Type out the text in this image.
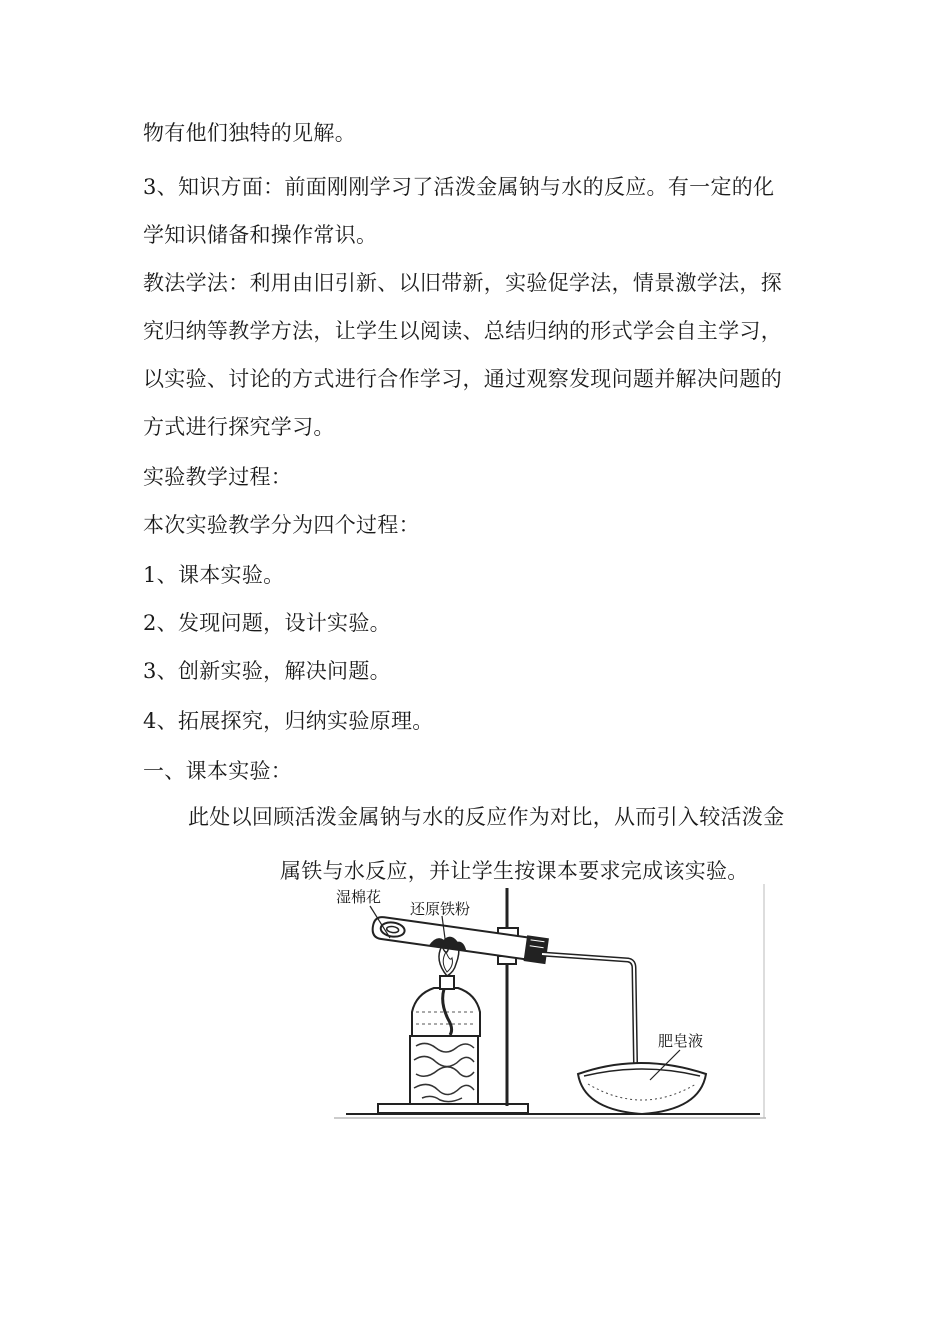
物有他们独特的见解。
3、知识方面：前面刚刚学习了活泼金属钠与水的反应。有一定的化
学知识储备和操作常识。
教法学法：利用由旧引新、以旧带新，实验促学法，情景激学法，探
究归纳等教学方法，让学生以阅读、总结归纳的形式学会自主学习，
以实验、讨论的方式进行合作学习，通过观察发现问题并解决问题的
方式进行探究学习。
实验教学过程：
本次实验教学分为四个过程：
1、课本实验。
2、发现问题，设计实验。
3、创新实验，解决问题。
4、拓展探究，归纳实验原理。
一、课本实验：
此处以回顾活泼金属钠与水的反应作为对比，从而引入较活泼金
属铁与水反应，并让学生按课本要求完成该实验。
湿棉花
还原铁粉
肥皂液
